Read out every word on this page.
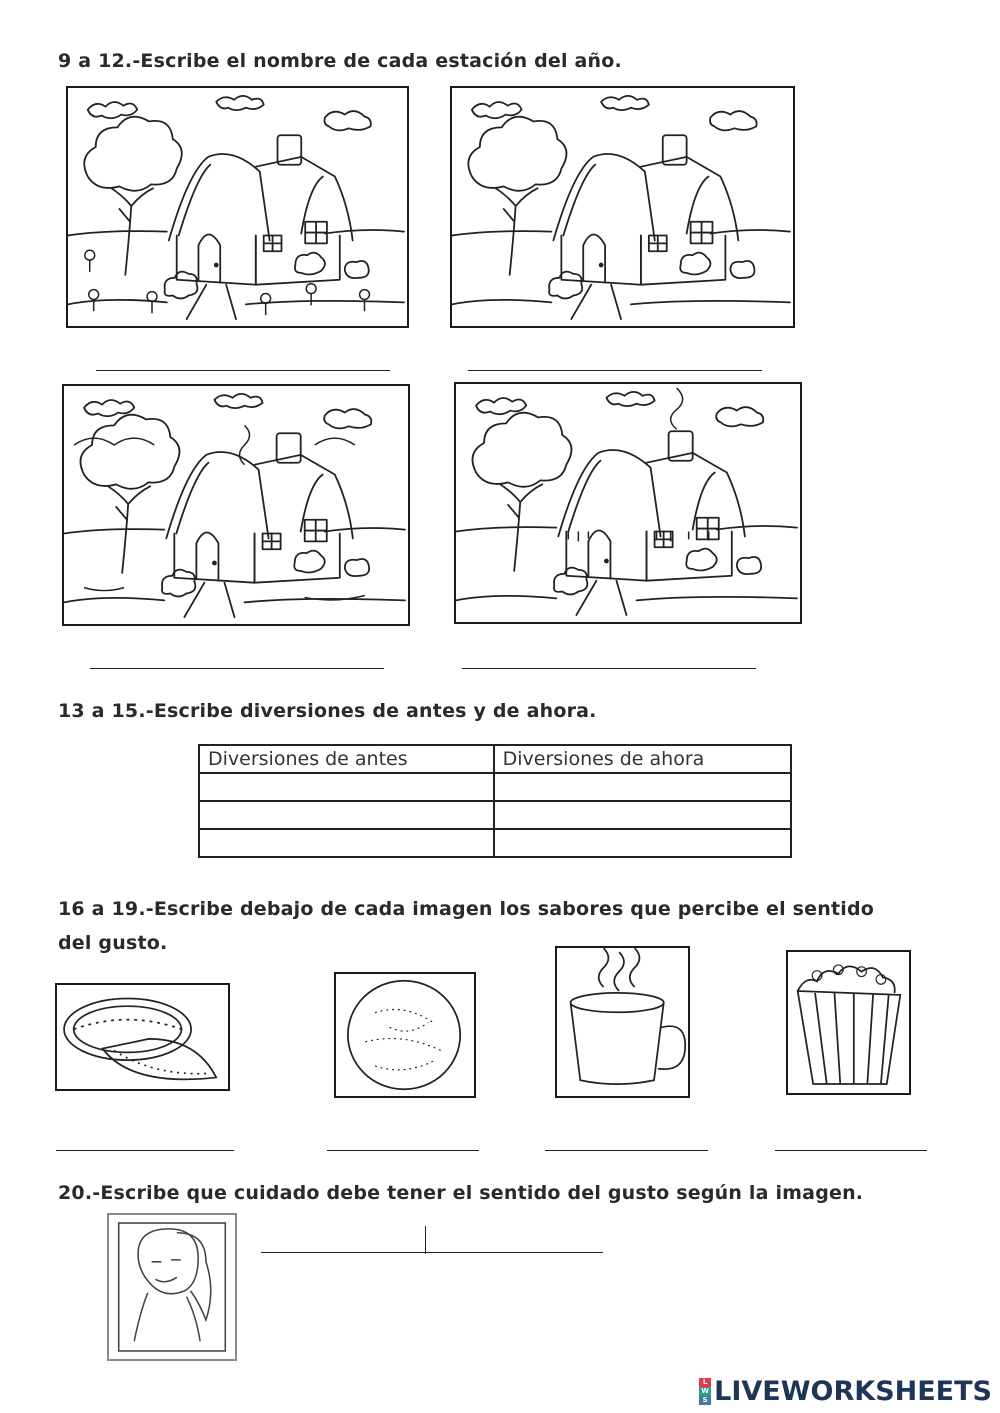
9 a 12.-Escribe el nombre de cada estación del año.
13 a 15.-Escribe diversiones de antes y de ahora.
Diversiones de antes	Diversiones de ahora

16 a 19.-Escribe debajo de cada imagen los sabores que percibe el sentido
del gusto.
20.-Escribe que cuidado debe tener el sentido del gusto según la imagen.
L
W
S LIVEWORKSHEETS
